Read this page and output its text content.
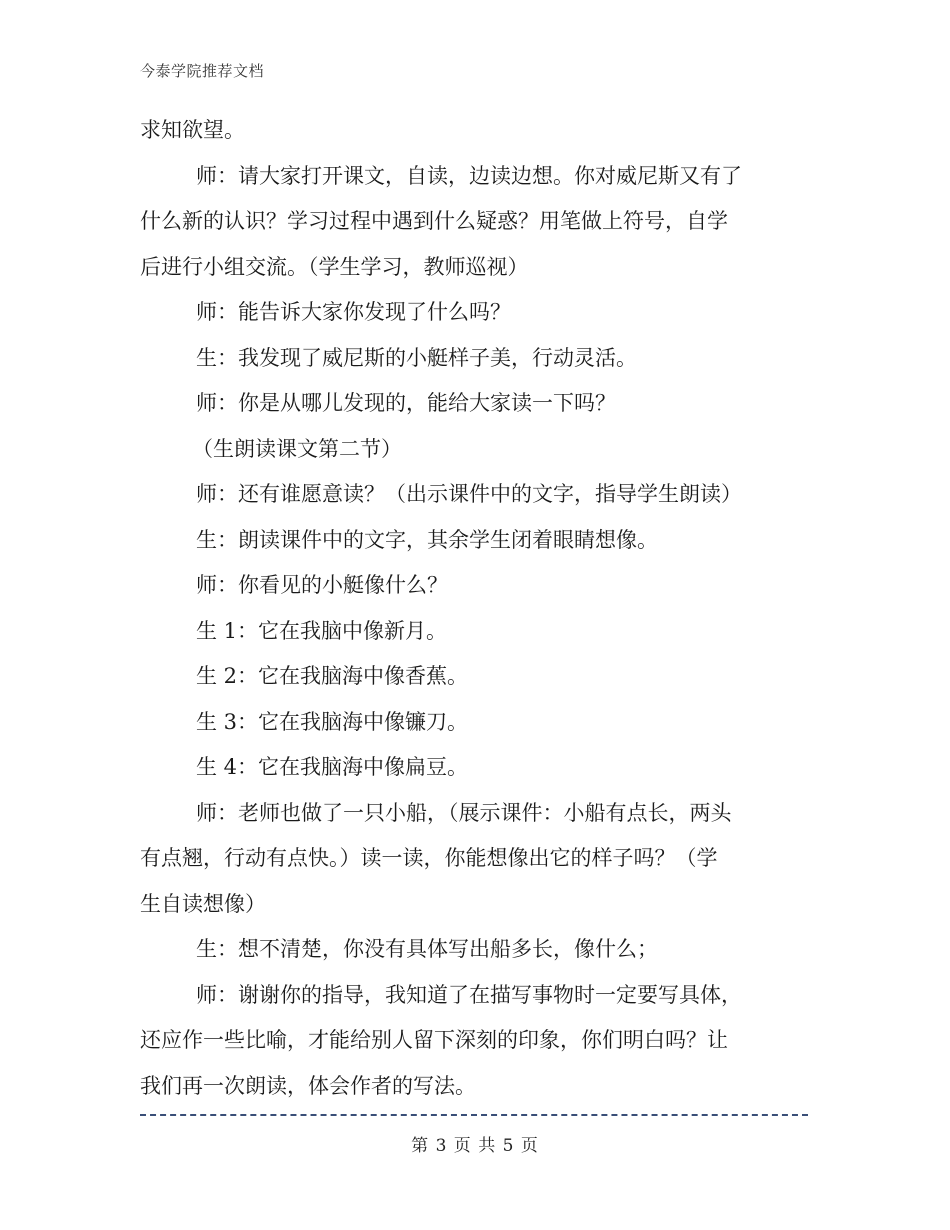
今泰学院推荐文档
求知欲望。
师：请大家打开课文，自读，边读边想。你对威尼斯又有了
什么新的认识？学习过程中遇到什么疑惑？用笔做上符号，自学
后进行小组交流。（学生学习，教师巡视）
师：能告诉大家你发现了什么吗？
生：我发现了威尼斯的小艇样子美，行动灵活。
师：你是从哪儿发现的，能给大家读一下吗？
（生朗读课文第二节）
师：还有谁愿意读？（出示课件中的文字，指导学生朗读）
生：朗读课件中的文字，其余学生闭着眼睛想像。
师：你看见的小艇像什么？
生 1：它在我脑中像新月。
生 2：它在我脑海中像香蕉。
生 3：它在我脑海中像镰刀。
生 4：它在我脑海中像扁豆。
师：老师也做了一只小船，（展示课件：小船有点长，两头
有点翘，行动有点快。）读一读，你能想像出它的样子吗？（学
生自读想像）
生：想不清楚，你没有具体写出船多长，像什么；
师：谢谢你的指导，我知道了在描写事物时一定要写具体，
还应作一些比喻，才能给别人留下深刻的印象，你们明白吗？让
我们再一次朗读，体会作者的写法。
第 3 页 共 5 页
